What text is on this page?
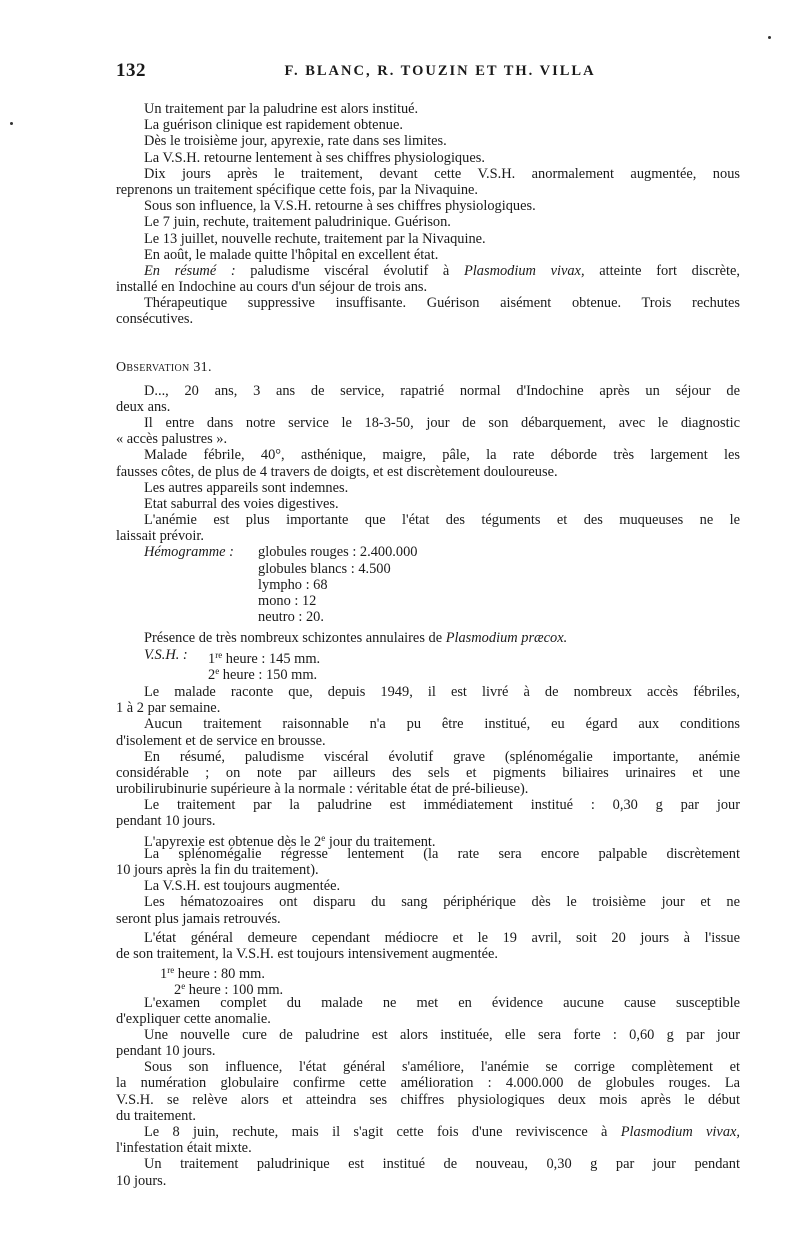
132	F. BLANC, R. TOUZIN ET TH. VILLA
Un traitement par la paludrine est alors institué.
La guérison clinique est rapidement obtenue.
Dès le troisième jour, apyrexie, rate dans ses limites.
La V.S.H. retourne lentement à ses chiffres physiologiques.
Dix jours après le traitement, devant cette V.S.H. anormalement augmentée, nous
reprenons un traitement spécifique cette fois, par la Nivaquine.
Sous son influence, la V.S.H. retourne à ses chiffres physiologiques.
Le 7 juin, rechute, traitement paludrinique. Guérison.
Le 13 juillet, nouvelle rechute, traitement par la Nivaquine.
En août, le malade quitte l'hôpital en excellent état.
En résumé : paludisme viscéral évolutif à Plasmodium vivax, atteinte fort discrète,
installé en Indochine au cours d'un séjour de trois ans.
Thérapeutique suppressive insuffisante. Guérison aisément obtenue. Trois rechutes
consécutives.
Observation 31.
D..., 20 ans, 3 ans de service, rapatrié normal d'Indochine après un séjour de
deux ans.
Il entre dans notre service le 18-3-50, jour de son débarquement, avec le diagnostic
« accès palustres ».
Malade fébrile, 40°, asthénique, maigre, pâle, la rate déborde très largement les
fausses côtes, de plus de 4 travers de doigts, et est discrètement douloureuse.
Les autres appareils sont indemnes.
Etat saburral des voies digestives.
L'anémie est plus importante que l'état des téguments et des muqueuses ne le
laissait prévoir.
Hémogramme : globules rouges : 2.400.000
globules blancs : 4.500
lympho : 68
mono : 12
neutro : 20.
Présence de très nombreux schizontes annulaires de Plasmodium præcox.
V.S.H. : 1re heure : 145 mm.
2e heure : 150 mm.
Le malade raconte que, depuis 1949, il est livré à de nombreux accès fébriles,
1 à 2 par semaine.
Aucun traitement raisonnable n'a pu être institué, eu égard aux conditions
d'isolement et de service en brousse.
En résumé, paludisme viscéral évolutif grave (splénomégalie importante, anémie
considérable ; on note par ailleurs des sels et pigments biliaires urinaires et une
urobilirubinurie supérieure à la normale : véritable état de pré-bilieuse).
Le traitement par la paludrine est immédiatement institué : 0,30 g par jour
pendant 10 jours.
L'apyrexie est obtenue dès le 2e jour du traitement.
La splénomégalie régresse lentement (la rate sera encore palpable discrètement
10 jours après la fin du traitement).
La V.S.H. est toujours augmentée.
Les hématozoaires ont disparu du sang périphérique dès le troisième jour et ne
seront plus jamais retrouvés.
L'état général demeure cependant médiocre et le 19 avril, soit 20 jours à l'issue
de son traitement, la V.S.H. est toujours intensivement augmentée.
1re heure : 80 mm.
2e heure : 100 mm.
L'examen complet du malade ne met en évidence aucune cause susceptible
d'expliquer cette anomalie.
Une nouvelle cure de paludrine est alors instituée, elle sera forte : 0,60 g par jour
pendant 10 jours.
Sous son influence, l'état général s'améliore, l'anémie se corrige complètement et
la numération globulaire confirme cette amélioration : 4.000.000 de globules rouges. La
V.S.H. se relève alors et atteindra ses chiffres physiologiques deux mois après le début
du traitement.
Le 8 juin, rechute, mais il s'agit cette fois d'une reviviscence à Plasmodium vivax,
l'infestation était mixte.
Un traitement paludrinique est institué de nouveau, 0,30 g par jour pendant
10 jours.
